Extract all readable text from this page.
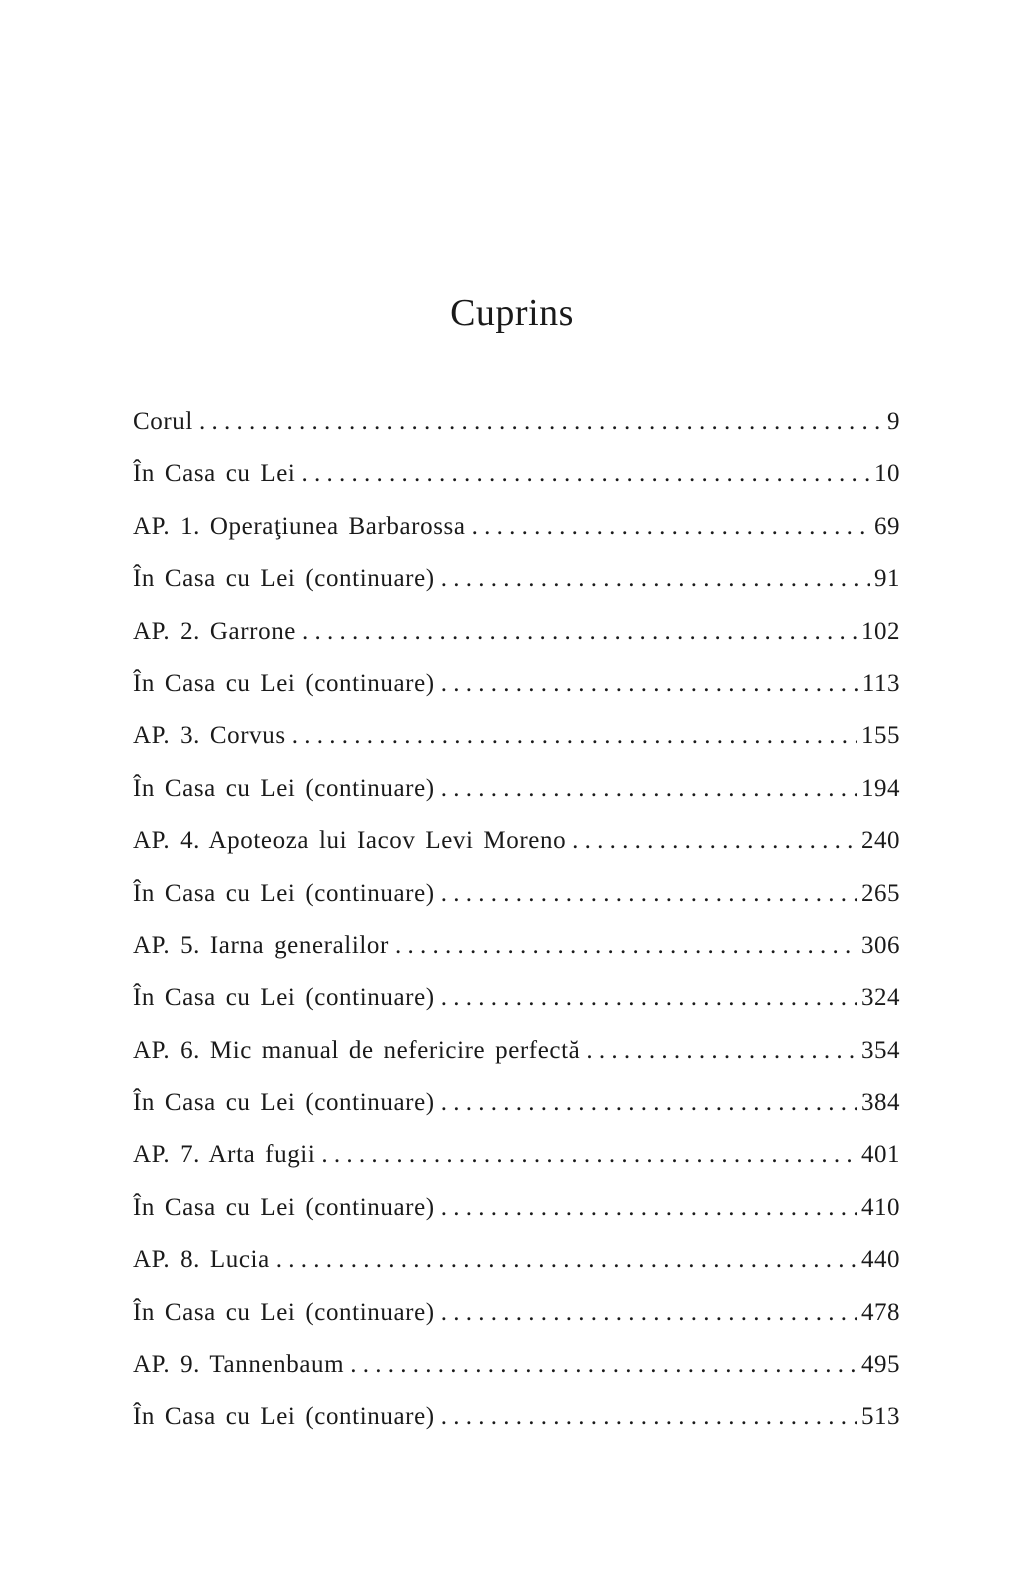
Cuprins
Corul . . .	9
În Casa cu Lei . . .	10
AP. 1. Operaţiunea Barbarossa . . .	69
În Casa cu Lei (continuare) . . .	91
AP. 2. Garrone . . .	102
În Casa cu Lei (continuare) . . .	113
AP. 3. Corvus . . .	155
În Casa cu Lei (continuare) . . .	194
AP. 4. Apoteoza lui Iacov Levi Moreno . . .	240
În Casa cu Lei (continuare) . . .	265
AP. 5. Iarna generalilor . . .	306
În Casa cu Lei (continuare) . . .	324
AP. 6. Mic manual de nefericire perfectă . . .	354
În Casa cu Lei (continuare) . . .	384
AP. 7. Arta fugii . . .	401
În Casa cu Lei (continuare) . . .	410
AP. 8. Lucia . . .	440
În Casa cu Lei (continuare) . . .	478
AP. 9. Tannenbaum . . .	495
În Casa cu Lei (continuare) . . .	513
